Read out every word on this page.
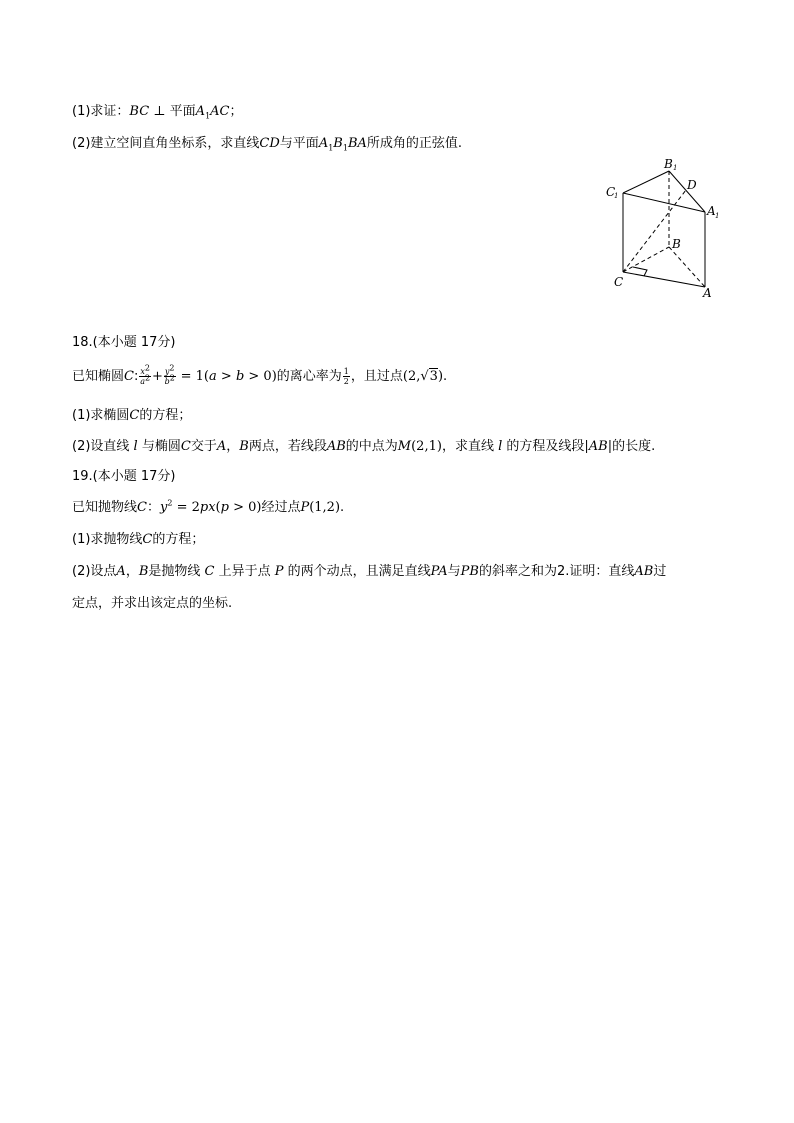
(1)求证：BC ⊥ 平面$A_1AC$；
(2)建立空间直角坐标系，求直线CD与平面$A_1B_1BA$所成角的正弦值.
B 1
C
1
D
A 1
B
C
A
18.(本小题 17分)
已知椭圆C: $\frac{x^2}{a^2} + \frac{y^2}{b^2} = 1(a > b > 0)$的离心率为 $\frac{1}{2}$ ，且过点(2,√3).
(1)求椭圆C的方程；
(2)设直线 l 与椭圆C交于A，B两点，若线段AB的中点为M(2,1)，求直线 l 的方程及线段|AB|的长度.
19.(本小题 17分)
已知抛物线C：$y^2 = 2px(p > 0)$经过点P(1,2).
(1)求抛物线C的方程；
(2)设点A，B是抛物线 C 上异于点 P 的两个动点，且满足直线PA与PB的斜率之和为2.证明：直线AB过
定点，并求出该定点的坐标.
